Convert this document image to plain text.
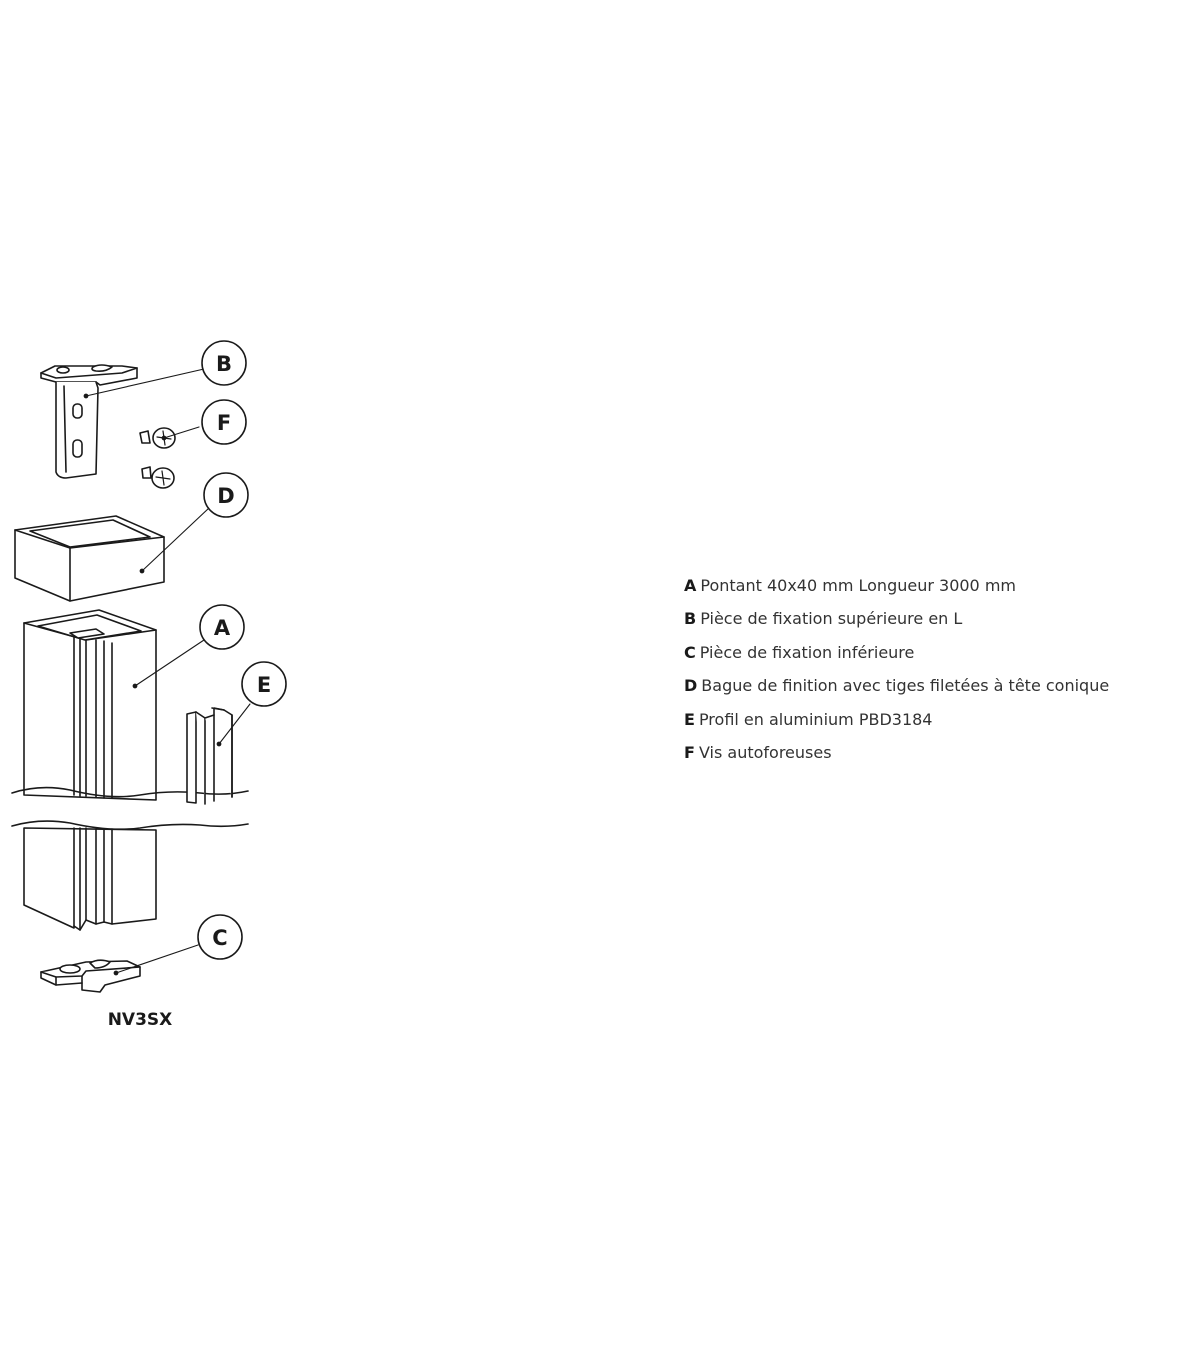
B
F
D
A
E
C
NV3SX
A Pontant 40x40 mm Longueur 3000 mm
B Pièce de fixation supérieure en L
C Pièce de fixation inférieure
D Bague de finition avec tiges filetées à tête conique
E Profil en aluminium PBD3184
F Vis autoforeuses
